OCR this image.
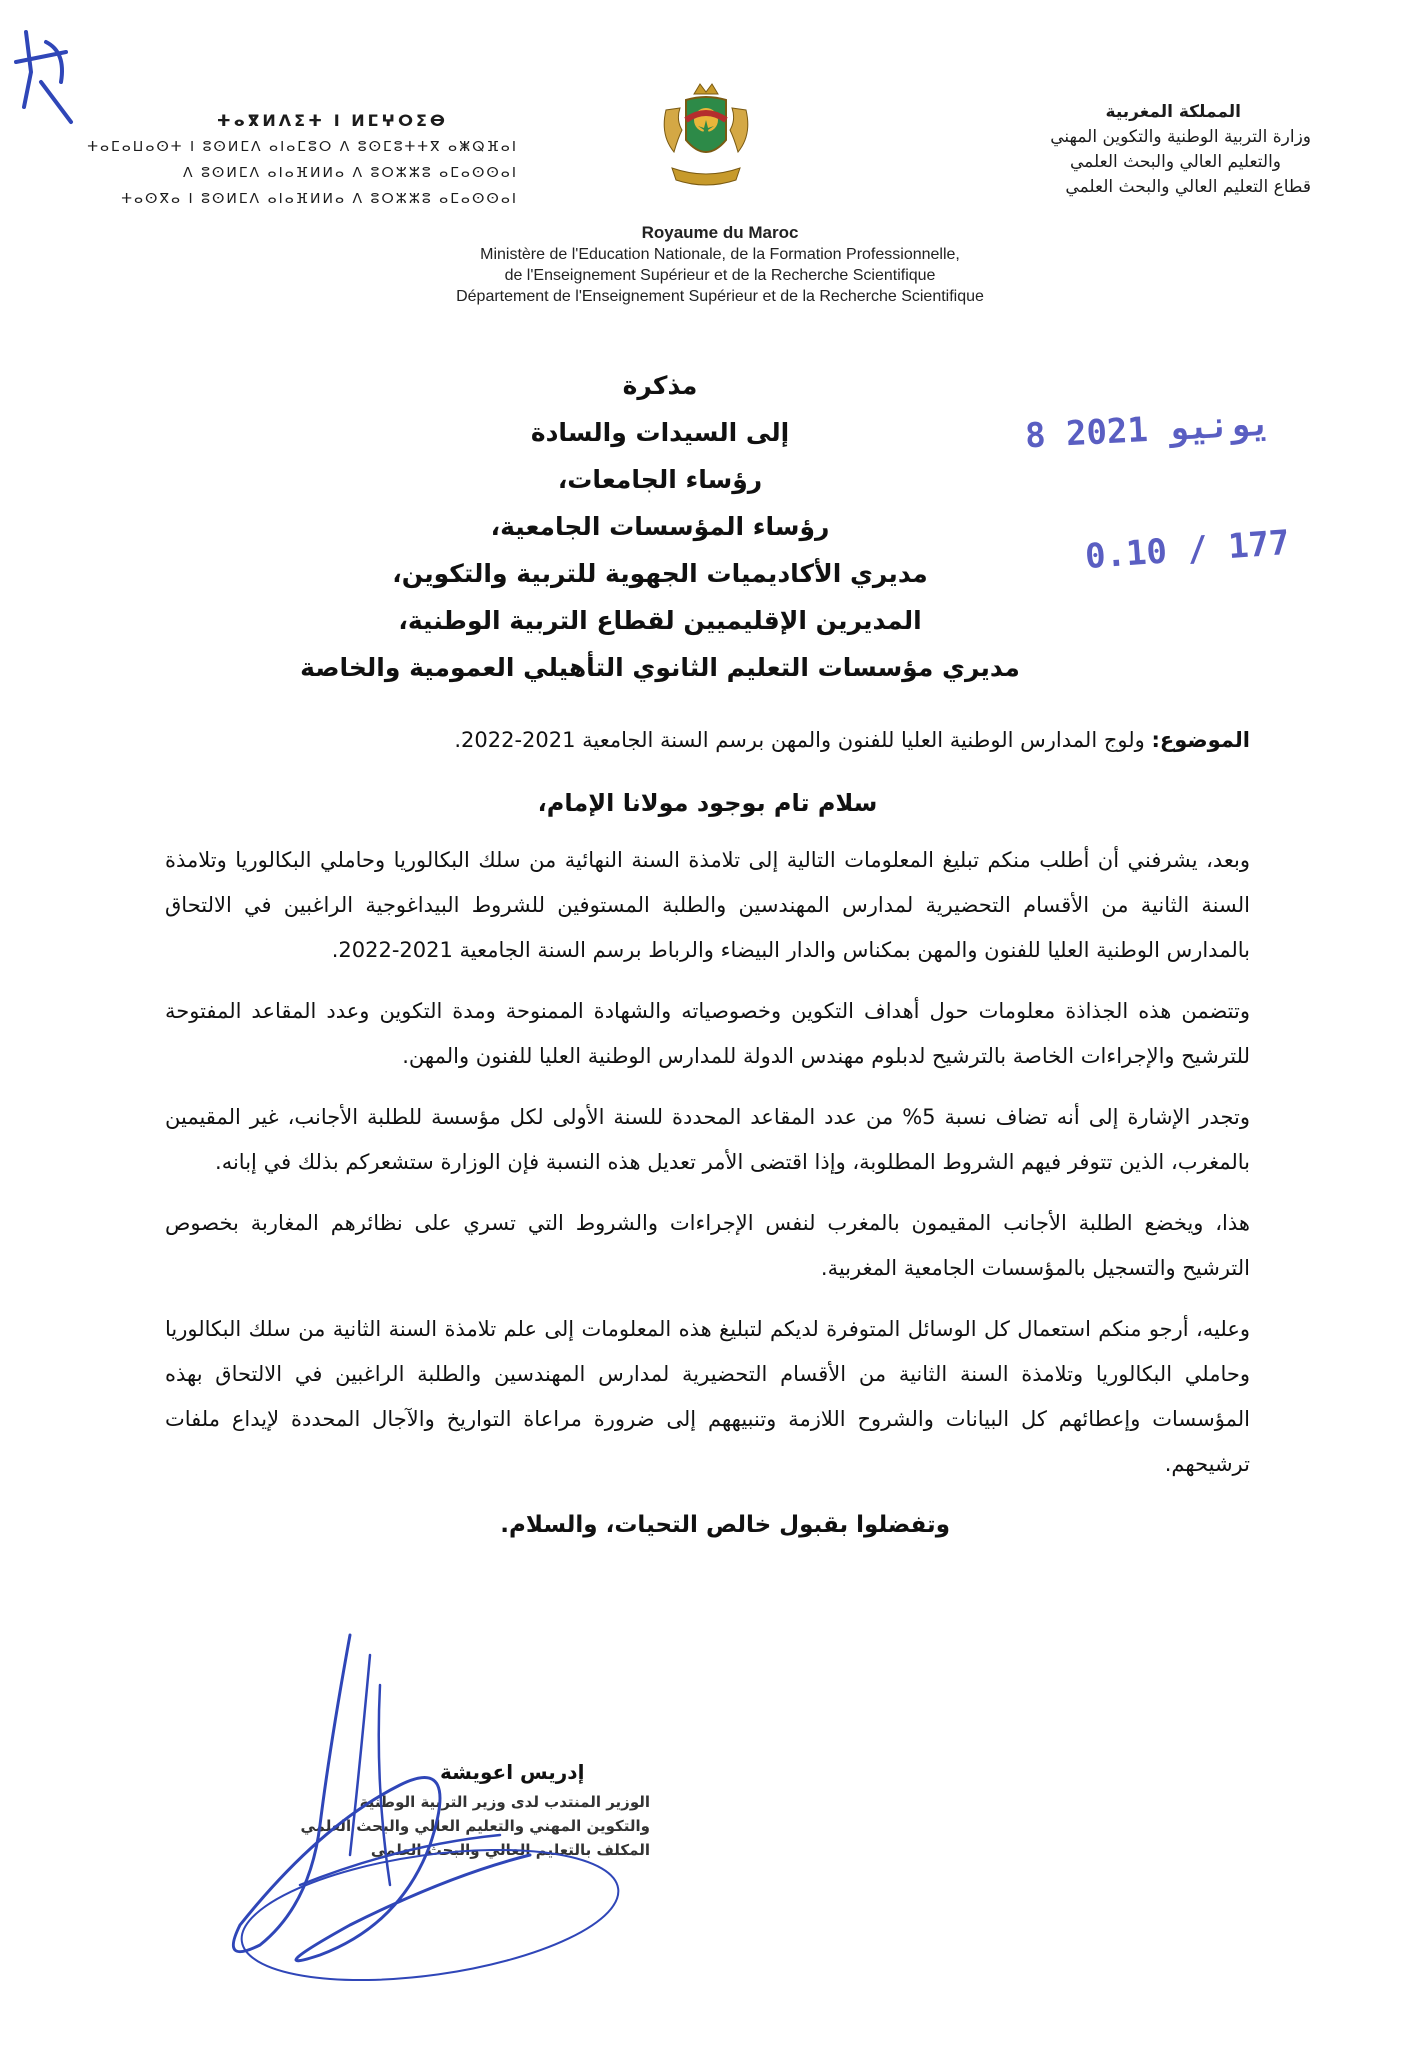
المملكة المغربية
وزارة التربية الوطنية والتكوين المهني
والتعليم العالي والبحث العلمي
قطاع التعليم العالي والبحث العلمي
ⵜⴰⴳⵍⴷⵉⵜ ⵏ ⵍⵎⵖⵔⵉⴱ
ⵜⴰⵎⴰⵡⴰⵙⵜ ⵏ ⵓⵙⵍⵎⴷ ⴰⵏⴰⵎⵓⵔ ⴷ ⵓⵙⵎⵓⵜⵜⴳ ⴰⵥⵕⴼⴰⵏ
ⴷ ⵓⵙⵍⵎⴷ ⴰⵏⴰⴼⵍⵍⴰ ⴷ ⵓⵔⵣⵣⵓ ⴰⵎⴰⵙⵙⴰⵏ
ⵜⴰⵙⴳⴰ ⵏ ⵓⵙⵍⵎⴷ ⴰⵏⴰⴼⵍⵍⴰ ⴷ ⵓⵔⵣⵣⵓ ⴰⵎⴰⵙⵙⴰⵏ
Royaume du Maroc
Ministère de l'Education Nationale, de la Formation Professionnelle,
de l'Enseignement Supérieur et de la Recherche Scientifique
Département de l'Enseignement Supérieur et de la Recherche Scientifique
مذكرة
إلى السيدات والسادة
رؤساء الجامعات،
رؤساء المؤسسات الجامعية،
مديري الأكاديميات الجهوية للتربية والتكوين،
المديرين الإقليميين لقطاع التربية الوطنية،
مديري مؤسسات التعليم الثانوي التأهيلي العمومية والخاصة
8 يونيو 2021
0.10 / 177
الموضوع: ولوج المدارس الوطنية العليا للفنون والمهن برسم السنة الجامعية 2021-2022.
سلام تام بوجود مولانا الإمام،

وبعد، يشرفني أن أطلب منكم تبليغ المعلومات التالية إلى تلامذة السنة النهائية من سلك البكالوريا وحاملي البكالوريا وتلامذة السنة الثانية من الأقسام التحضيرية لمدارس المهندسين والطلبة المستوفين للشروط البيداغوجية الراغبين في الالتحاق بالمدارس الوطنية العليا للفنون والمهن بمكناس والدار البيضاء والرباط برسم السنة الجامعية 2021-2022.

وتتضمن هذه الجذاذة معلومات حول أهداف التكوين وخصوصياته والشهادة الممنوحة ومدة التكوين وعدد المقاعد المفتوحة للترشيح والإجراءات الخاصة بالترشيح لدبلوم مهندس الدولة للمدارس الوطنية العليا للفنون والمهن.

وتجدر الإشارة إلى أنه تضاف نسبة 5% من عدد المقاعد المحددة للسنة الأولى لكل مؤسسة للطلبة الأجانب، غير المقيمين بالمغرب، الذين تتوفر فيهم الشروط المطلوبة، وإذا اقتضى الأمر تعديل هذه النسبة فإن الوزارة ستشعركم بذلك في إبانه.

هذا، ويخضع الطلبة الأجانب المقيمون بالمغرب لنفس الإجراءات والشروط التي تسري على نظائرهم المغاربة بخصوص الترشيح والتسجيل بالمؤسسات الجامعية المغربية.

وعليه، أرجو منكم استعمال كل الوسائل المتوفرة لديكم لتبليغ هذه المعلومات إلى علم تلامذة السنة الثانية من سلك البكالوريا وحاملي البكالوريا وتلامذة السنة الثانية من الأقسام التحضيرية لمدارس المهندسين والطلبة الراغبين في الالتحاق بهذه المؤسسات وإعطائهم كل البيانات والشروح اللازمة وتنبيههم إلى ضرورة مراعاة التواريخ والآجال المحددة لإيداع ملفات ترشيحهم.

وتفضلوا بقبول خالص التحيات، والسلام.
إدريس اعويشة
الوزير المنتدب لدى وزير التربية الوطنية
والتكوين المهني والتعليم العالي والبحث العلمي
المكلف بالتعليم العالي والبحث العلمي
